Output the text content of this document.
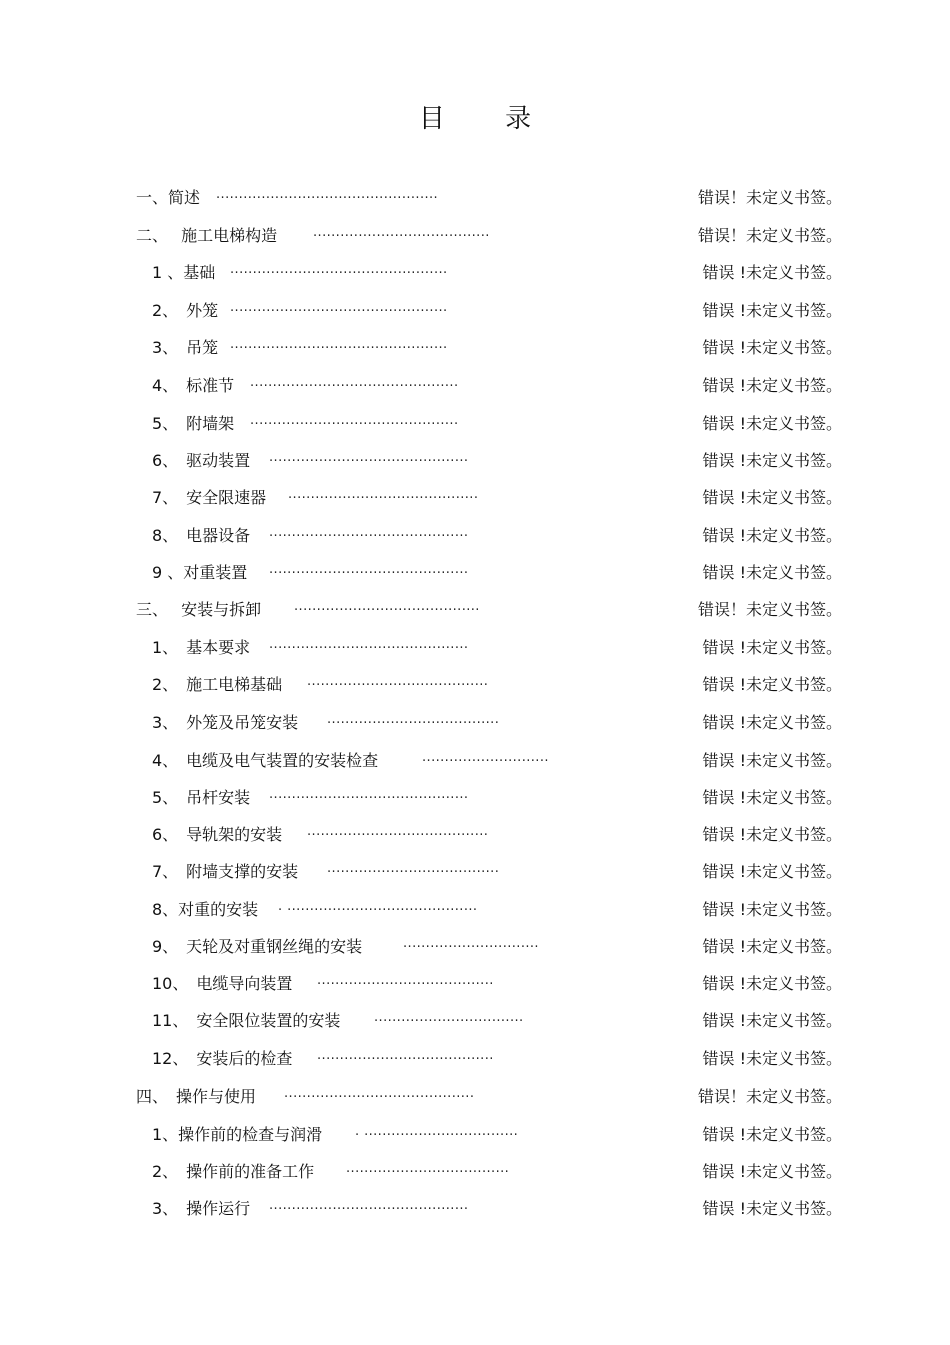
目 录
一、简述 .................................................	错误！未定义书签。
二、　 施工电梯构造	.......................................	错误！未定义书签。
1 、基础 ................................................	错误 !未定义书签。
2、　外笼 ................................................	错误 !未定义书签。
3、　吊笼 ................................................	错误 !未定义书签。
4、　标准节 ..............................................	错误 !未定义书签。
5、　附墙架 ..............................................	错误 !未定义书签。
6、　驱动装置 ............................................	错误 !未定义书签。
7、　安全限速器 ..........................................	错误 !未定义书签。
8、　电器设备 ............................................	错误 !未定义书签。
9 、对重装置 ............................................	错误 !未定义书签。
三、　 安装与拆卸	.........................................	错误！未定义书签。
1、　基本要求 ............................................	错误 !未定义书签。
2、　施工电梯基础 ........................................	错误 !未定义书签。
3、　外笼及吊笼安装 ......................................	错误 !未定义书签。
4、　电缆及电气装置的安装检查	............................	错误 !未定义书签。
5、　吊杆安装 ............................................	错误 !未定义书签。
6、　导轨架的安装 ........................................	错误 !未定义书签。
7、　附墙支撑的安装 ......................................	错误 !未定义书签。
8、对重的安装 . ..........................................	错误 !未定义书签。
9、　天轮及对重钢丝绳的安装	..............................	错误 !未定义书签。
10、　电缆导向装置 .......................................	错误 !未定义书签。
11、　安全限位装置的安装	.................................	错误 !未定义书签。
12、　安装后的检查 .......................................	错误 !未定义书签。
四、　操作与使用 ..........................................	错误！未定义书签。
1、操作前的检查与润滑	. ..................................	错误 !未定义书签。
2、　操作前的准备工作 ....................................	错误 !未定义书签。
3、　操作运行 ............................................	错误 !未定义书签。
